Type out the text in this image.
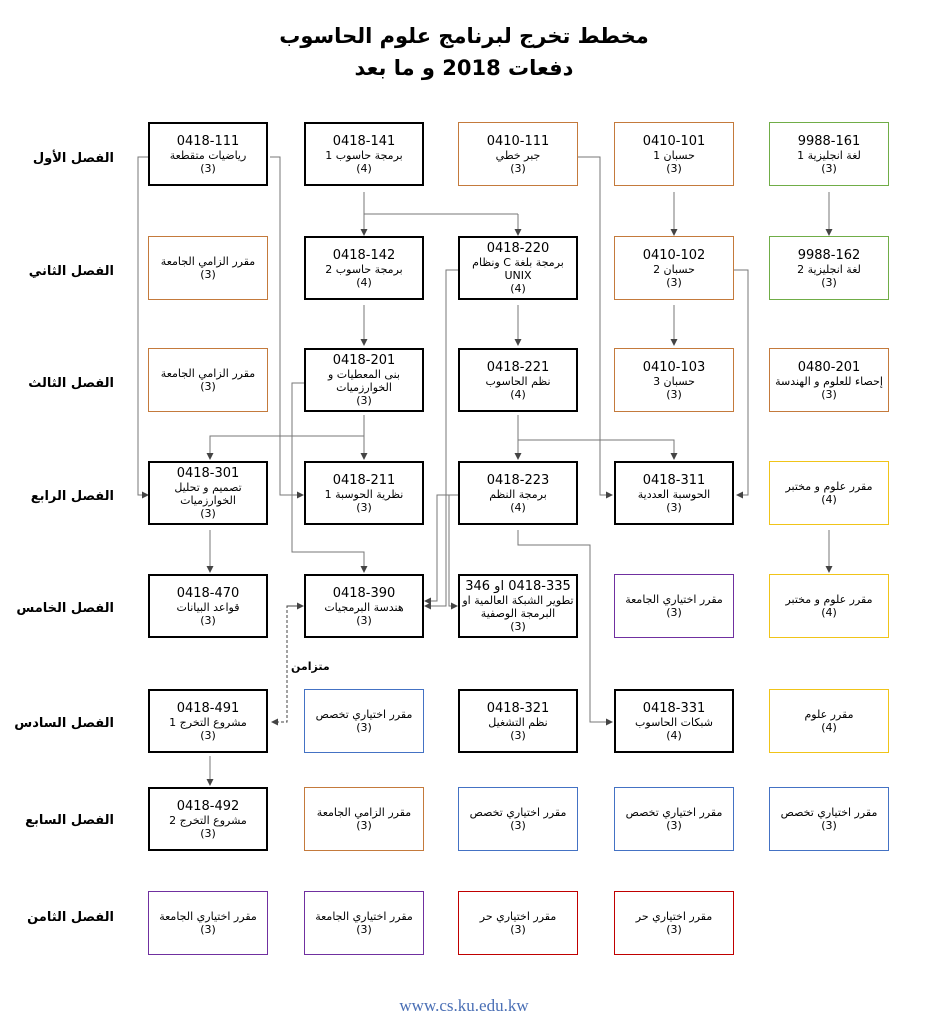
مخطط تخرج لبرنامج علوم الحاسوب
دفعات 2018 و ما بعد
متزامن
الفصل الأول
الفصل الثاني
الفصل الثالث
الفصل الرابع
الفصل الخامس
الفصل السادس
الفصل السابع
الفصل الثامن
0418-111
رياضيات متقطعة
(3)
0418-141
برمجة حاسوب 1
(4)
0410-111
جبر خطي
(3)
0410-101
حسبان 1
(3)
9988-161
لغة انجليزية 1
(3)
مقرر الزامي الجامعة
(3)
0418-142
برمجة حاسوب 2
(4)
0418-220
برمجة بلغة C ونظام UNIX
(4)
0410-102
حسبان 2
(3)
9988-162
لغة انجليزية 2
(3)
مقرر الزامي الجامعة
(3)
0418-201
بنى المعطيات و الخوارزميات
(3)
0418-221
نظم الحاسوب
(4)
0410-103
حسبان 3
(3)
0480-201
إحصاء للعلوم و الهندسة
(3)
0418-301
تصميم و تحليل الخوارزميات
(3)
0418-211
نظرية الحوسبة 1
(3)
0418-223
برمجة النظم
(4)
0418-311
الحوسبة العددية
(3)
مقرر علوم و مختبر
(4)
0418-470
قواعد البيانات
(3)
0418-390
هندسة البرمجيات
(3)
0418-335 او 346
تطوير الشبكة العالمية او البرمجة الوصفية
(3)
مقرر اختياري الجامعة
(3)
مقرر علوم و مختبر
(4)
0418-491
مشروع التخرج 1
(3)
مقرر اختياري تخصص
(3)
0418-321
نظم التشغيل
(3)
0418-331
شبكات الحاسوب
(4)
مقرر علوم
(4)
0418-492
مشروع التخرج 2
(3)
مقرر الزامي الجامعة
(3)
مقرر اختياري تخصص
(3)
مقرر اختياري تخصص
(3)
مقرر اختياري تخصص
(3)
مقرر اختياري الجامعة
(3)
مقرر اختياري الجامعة
(3)
مقرر اختياري حر
(3)
مقرر اختياري حر
(3)
www.cs.ku.edu.kw
